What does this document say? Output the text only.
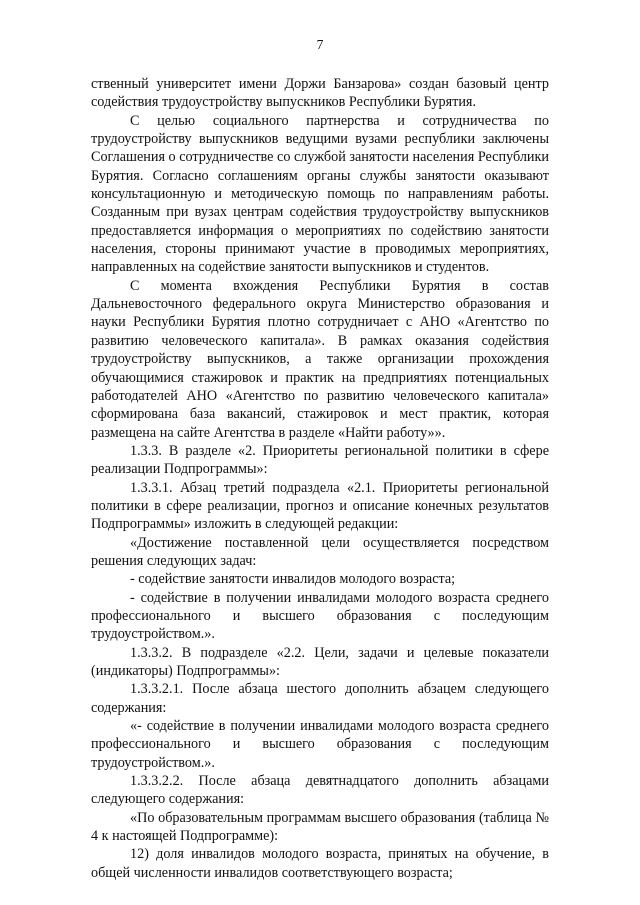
7

ственный университет имени Доржи Банзарова» создан базовый центр содействия трудоустройству выпускников Республики Бурятия.

С целью социального партнерства и сотрудничества по трудоустройству выпускников ведущими вузами республики заключены Соглашения о сотрудничестве со службой занятости населения Республики Бурятия. Согласно соглашениям органы службы занятости оказывают консультационную и методическую помощь по направлениям работы. Созданным при вузах центрам содействия трудоустройству выпускников предоставляется информация о мероприятиях по содействию занятости населения, стороны принимают участие в проводимых мероприятиях, направленных на содействие занятости выпускников и студентов.

С момента вхождения Республики Бурятия в состав Дальневосточного федерального округа Министерство образования и науки Республики Бурятия плотно сотрудничает с АНО «Агентство по развитию человеческого капитала». В рамках оказания содействия трудоустройству выпускников, а также организации прохождения обучающимися стажировок и практик на предприятиях потенциальных работодателей АНО «Агентство по развитию человеческого капитала» сформирована база вакансий, стажировок и мест практик, которая размещена на сайте Агентства в разделе «Найти работу»».

1.3.3. В разделе «2. Приоритеты региональной политики в сфере реализации Подпрограммы»:

1.3.3.1. Абзац третий подраздела «2.1. Приоритеты региональной политики в сфере реализации, прогноз и описание конечных результатов Подпрограммы» изложить в следующей редакции:

«Достижение поставленной цели осуществляется посредством решения следующих задач:

- содействие занятости инвалидов молодого возраста;

- содействие в получении инвалидами молодого возраста среднего профессионального и высшего образования с последующим трудоустройством.».

1.3.3.2. В подразделе «2.2. Цели, задачи и целевые показатели (индикаторы) Подпрограммы»:

1.3.3.2.1. После абзаца шестого дополнить абзацем следующего содержания:

«- содействие в получении инвалидами молодого возраста среднего профессионального и высшего образования с последующим трудоустройством.».

1.3.3.2.2. После абзаца девятнадцатого дополнить абзацами следующего содержания:

«По образовательным программам высшего образования (таблица № 4 к настоящей Подпрограмме):

12) доля инвалидов молодого возраста, принятых на обучение, в общей численности инвалидов соответствующего возраста;
